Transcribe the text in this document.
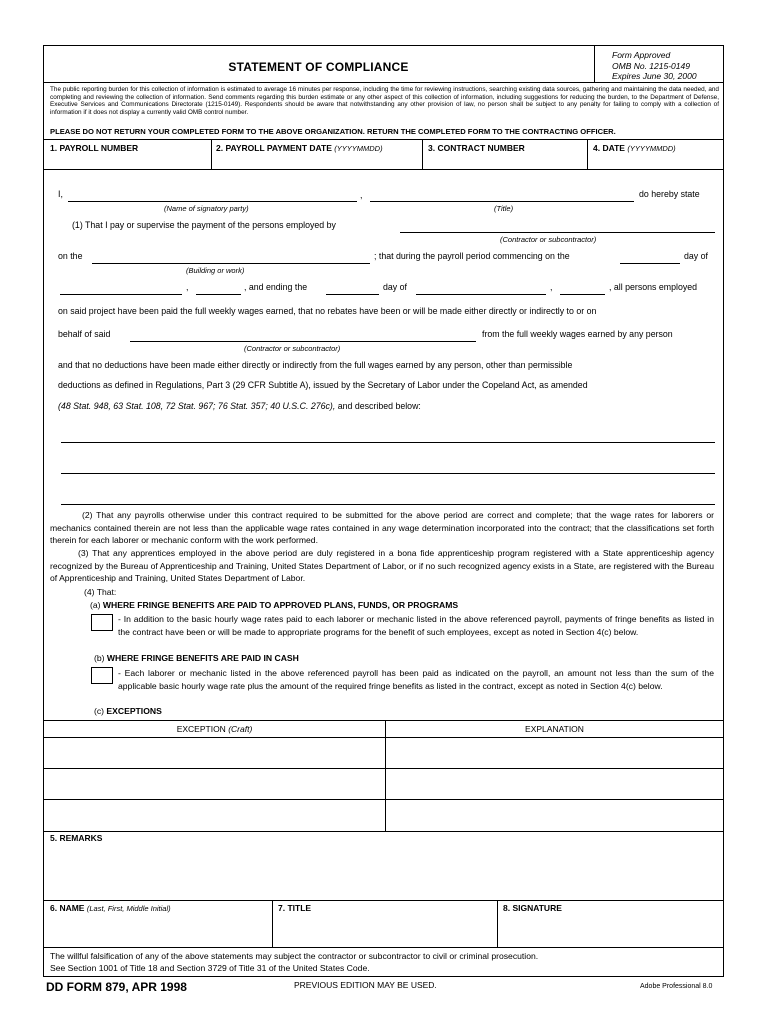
STATEMENT OF COMPLIANCE
Form Approved
OMB No. 1215-0149
Expires June 30, 2000
The public reporting burden for this collection of information is estimated to average 16 minutes per response, including the time for reviewing instructions, searching existing data sources, gathering and maintaining the data needed, and completing and reviewing the collection of information. Send comments regarding this burden estimate or any other aspect of this collection of information, including suggestions for reducing the burden, to the Department of Defense, Executive Services and Communications Directorate (1215-0149). Respondents should be aware that notwithstanding any other provision of law, no person shall be subject to any penalty for failing to comply with a collection of information if it does not display a currently valid OMB control number.
PLEASE DO NOT RETURN YOUR COMPLETED FORM TO THE ABOVE ORGANIZATION. RETURN THE COMPLETED FORM TO THE CONTRACTING OFFICER.
1. PAYROLL NUMBER	2. PAYROLL PAYMENT DATE (YYYYMMDD)	3. CONTRACT NUMBER	4. DATE (YYYYMMDD)
I,	,	do hereby state
(Name of signatory party)	(Title)
(1) That I pay or supervise the payment of the persons employed by
(Contractor or subcontractor)
on the	; that during the payroll period commencing on the	day of
(Building or work)
,	, and ending the	day of	,	, all persons employed
on said project have been paid the full weekly wages earned, that no rebates have been or will be made either directly or indirectly to or on
behalf of said	from the full weekly wages earned by any person
(Contractor or subcontractor)
and that no deductions have been made either directly or indirectly from the full wages earned by any person, other than permissible
deductions as defined in Regulations, Part 3 (29 CFR Subtitle A), issued by the Secretary of Labor under the Copeland Act, as amended
(48 Stat. 948, 63 Stat. 108, 72 Stat. 967; 76 Stat. 357; 40 U.S.C. 276c), and described below:
(2) That any payrolls otherwise under this contract required to be submitted for the above period are correct and complete; that the wage rates for laborers or mechanics contained therein are not less than the applicable wage rates contained in any wage determination incorporated into the contract; that the classifications set forth therein for each laborer or mechanic conform with the work performed.
(3) That any apprentices employed in the above period are duly registered in a bona fide apprenticeship program registered with a State apprenticeship agency recognized by the Bureau of Apprenticeship and Training, United States Department of Labor, or if no such recognized agency exists in a State, are registered with the Bureau of Apprenticeship and Training, United States Department of Labor.
(4) That:
(a) WHERE FRINGE BENEFITS ARE PAID TO APPROVED PLANS, FUNDS, OR PROGRAMS
- In addition to the basic hourly wage rates paid to each laborer or mechanic listed in the above referenced payroll, payments of fringe benefits as listed in the contract have been or will be made to appropriate programs for the benefit of such employees, except as noted in Section 4(c) below.
(b) WHERE FRINGE BENEFITS ARE PAID IN CASH
- Each laborer or mechanic listed in the above referenced payroll has been paid as indicated on the payroll, an amount not less than the sum of the applicable basic hourly wage rate plus the amount of the required fringe benefits as listed in the contract, except as noted in Section 4(c) below.
(c) EXCEPTIONS
EXCEPTION (Craft)	EXPLANATION
5. REMARKS
6. NAME (Last, First, Middle Initial)	7. TITLE	8. SIGNATURE
The willful falsification of any of the above statements may subject the contractor or subcontractor to civil or criminal prosecution.
See Section 1001 of Title 18 and Section 3729 of Title 31 of the United States Code.
DD FORM 879, APR 1998	PREVIOUS EDITION MAY BE USED.	Adobe Professional 8.0
